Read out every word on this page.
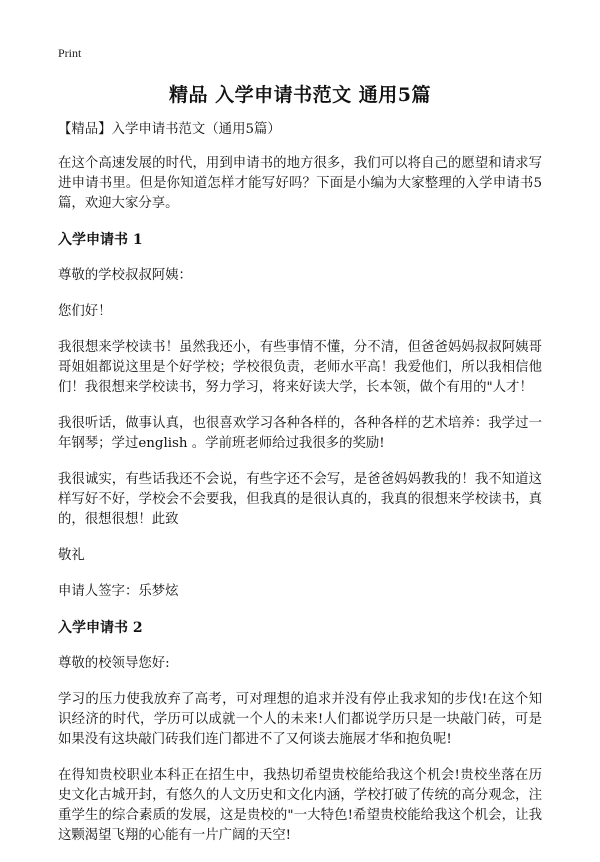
Print
精品 入学申请书范文 通用5篇

【精品】入学申请书范文（通用5篇）

在这个高速发展的时代，用到申请书的地方很多，我们可以将自己的愿望和请求写进申请书里。但是你知道怎样才能写好吗？下面是小编为大家整理的入学申请书5篇，欢迎大家分享。

入学申请书 1

尊敬的学校叔叔阿姨：

您们好！

我很想来学校读书！虽然我还小，有些事情不懂，分不清，但爸爸妈妈叔叔阿姨哥哥姐姐都说这里是个好学校；学校很负责，老师水平高！我爱他们，所以我相信他们！我很想来学校读书，努力学习，将来好读大学，长本领，做个有用的"人才！

我很听话，做事认真，也很喜欢学习各种各样的，各种各样的艺术培养：我学过一年钢琴；学过english 。学前班老师给过我很多的奖励!

我很诚实，有些话我还不会说，有些字还不会写，是爸爸妈妈教我的！我不知道这样写好不好，学校会不会要我，但我真的是很认真的，我真的很想来学校读书，真的，很想很想！此致

敬礼

申请人签字：乐梦炫

入学申请书 2

尊敬的校领导您好:

学习的压力使我放弃了高考，可对理想的追求并没有停止我求知的步伐!在这个知识经济的时代，学历可以成就一个人的未来!人们都说学历只是一块敲门砖，可是如果没有这块敲门砖我们连门都进不了又何谈去施展才华和抱负呢!

在得知贵校职业本科正在招生中，我热切希望贵校能给我这个机会!贵校坐落在历史文化古城开封，有悠久的人文历史和文化内涵，学校打破了传统的高分观念，注重学生的综合素质的发展，这是贵校的"一大特色!希望贵校能给我这个机会，让我这颗渴望飞翔的心能有一片广阔的天空!
